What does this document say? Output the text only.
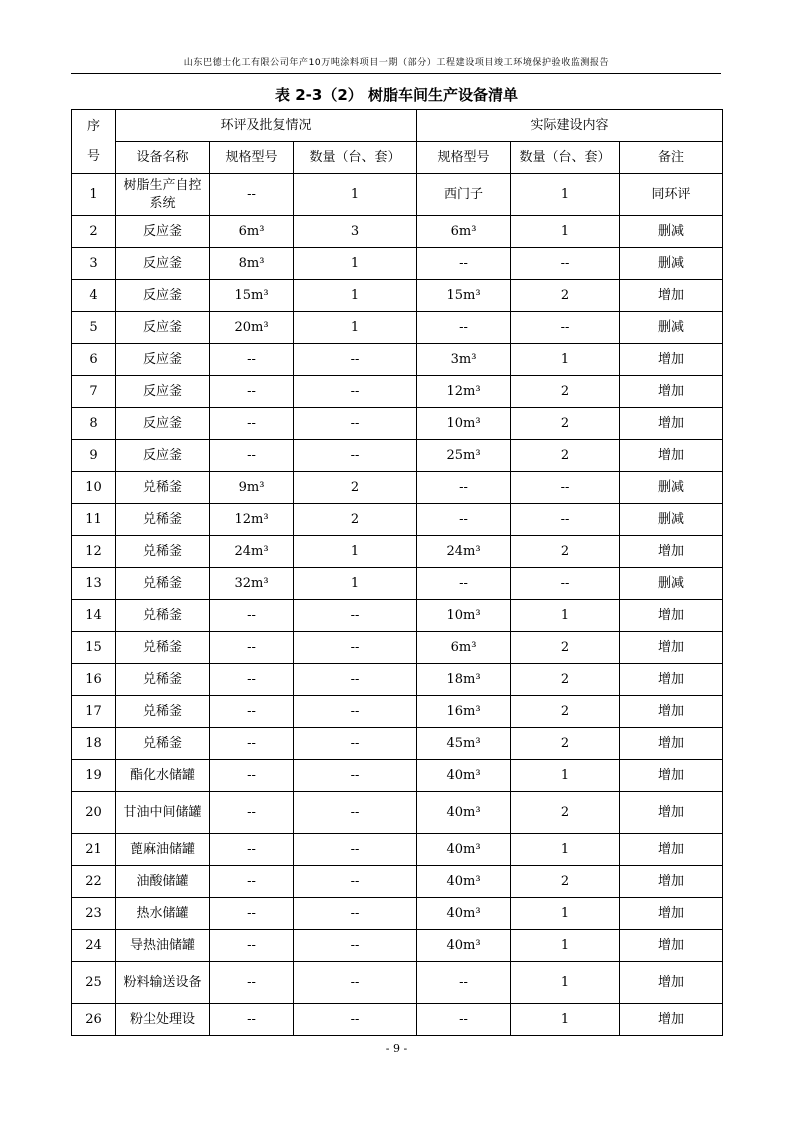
山东巴德士化工有限公司年产10万吨涂料项目一期（部分）工程建设项目竣工环境保护验收监测报告
表 2-3（2） 树脂车间生产设备清单
序号	环评及批复情况			实际建设内容		
	设备名称	规格型号	数量（台、套）	规格型号	数量（台、套）	备注
1	树脂生产自控系统	--	1	西门子	1	同环评
2	反应釜	6m³	3	6m³	1	删减
3	反应釜	8m³	1	--	--	删减
4	反应釜	15m³	1	15m³	2	增加
5	反应釜	20m³	1	--	--	删减
6	反应釜	--	--	3m³	1	增加
7	反应釜	--	--	12m³	2	增加
8	反应釜	--	--	10m³	2	增加
9	反应釜	--	--	25m³	2	增加
10	兑稀釜	9m³	2	--	--	删减
11	兑稀釜	12m³	2	--	--	删减
12	兑稀釜	24m³	1	24m³	2	增加
13	兑稀釜	32m³	1	--	--	删减
14	兑稀釜	--	--	10m³	1	增加
15	兑稀釜	--	--	6m³	2	增加
16	兑稀釜	--	--	18m³	2	增加
17	兑稀釜	--	--	16m³	2	增加
18	兑稀釜	--	--	45m³	2	增加
19	酯化水储罐	--	--	40m³	1	增加
20	甘油中间储罐	--	--	40m³	2	增加
21	蓖麻油储罐	--	--	40m³	1	增加
22	油酸储罐	--	--	40m³	2	增加
23	热水储罐	--	--	40m³	1	增加
24	导热油储罐	--	--	40m³	1	增加
25	粉料输送设备	--	--	--	1	增加
26	粉尘处理设	--	--	--	1	增加
- 9 -
